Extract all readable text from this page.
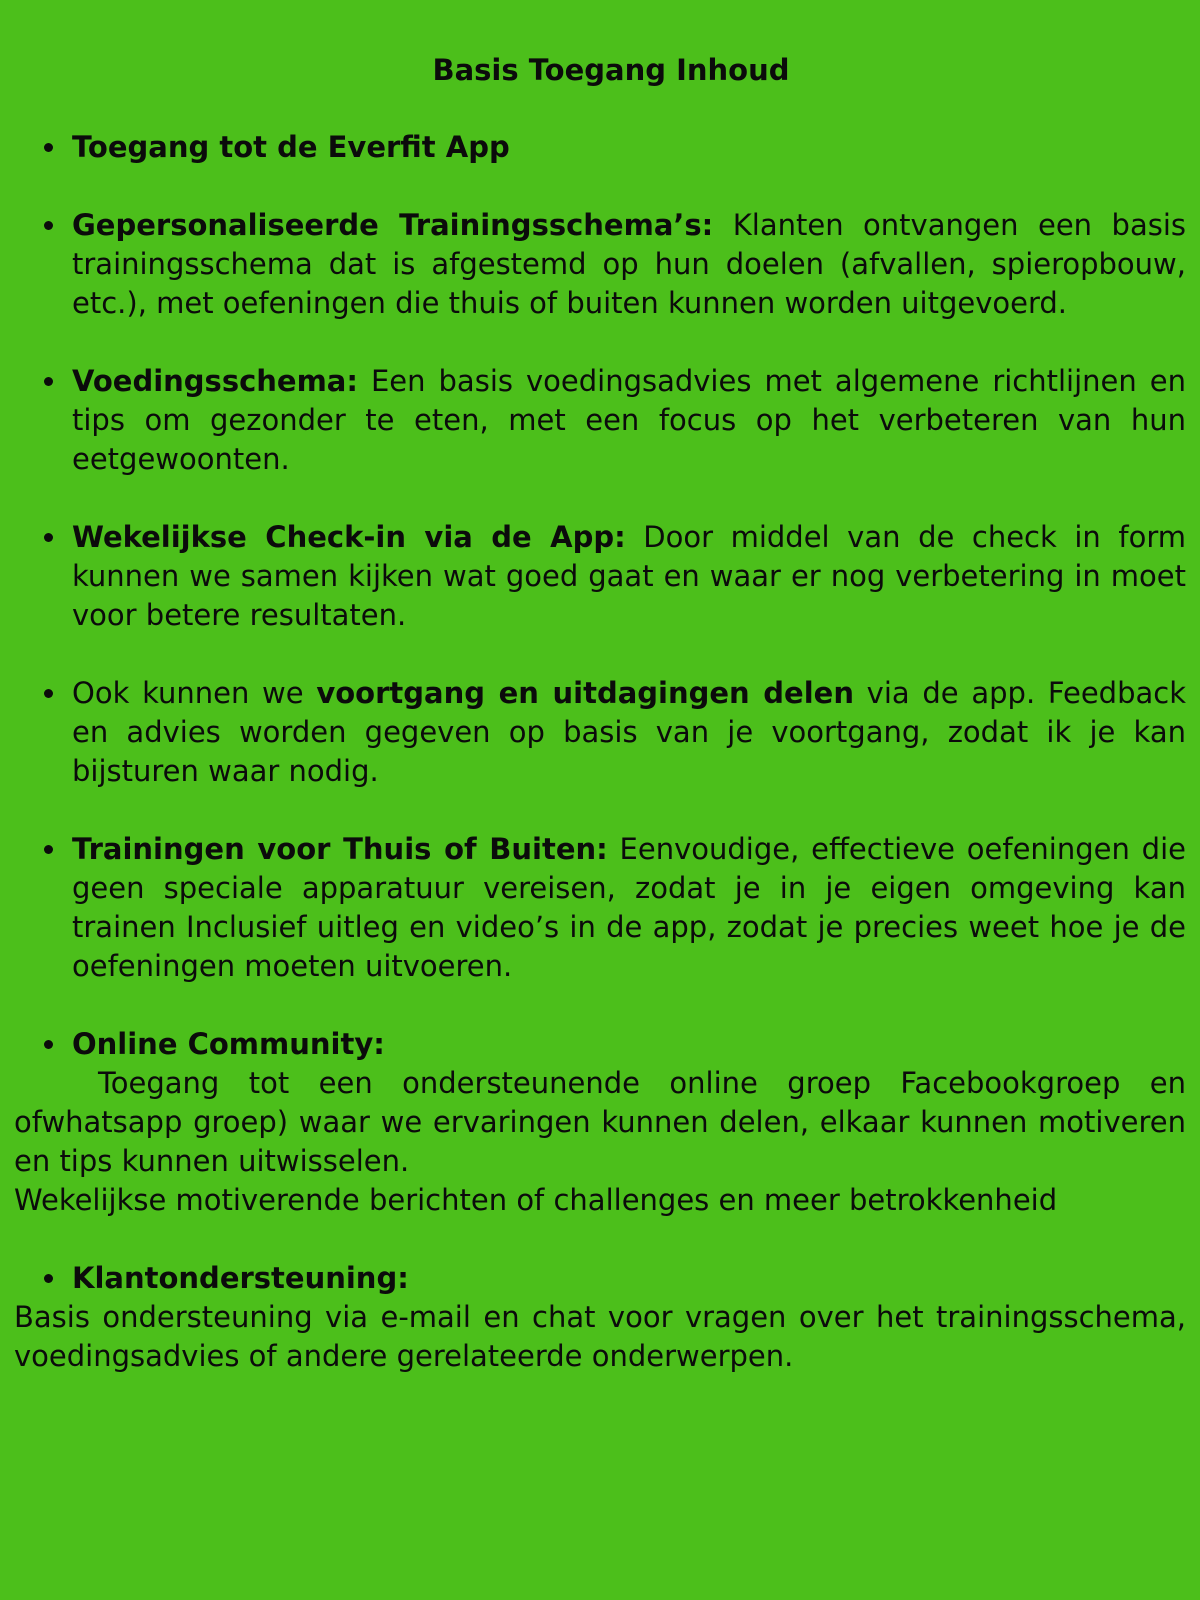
Basis Toegang Inhoud
Toegang tot de Everfit App
Gepersonaliseerde Trainingsschema’s: Klanten ontvangen een basis trainingsschema dat is afgestemd op hun doelen (afvallen, spieropbouw, etc.), met oefeningen die thuis of buiten kunnen worden uitgevoerd.
Voedingsschema: Een basis voedingsadvies met algemene richtlijnen en tips om gezonder te eten, met een focus op het verbeteren van hun eetgewoonten.
Wekelijkse Check-in via de App: Door middel van de check in form kunnen we samen kijken wat goed gaat en waar er nog verbetering in moet voor betere resultaten.
Ook kunnen we voortgang en uitdagingen delen via de app. Feedback en advies worden gegeven op basis van je voortgang, zodat ik je kan bijsturen waar nodig.
Trainingen voor Thuis of Buiten: Eenvoudige, effectieve oefeningen die geen speciale apparatuur vereisen, zodat je in je eigen omgeving kan trainen Inclusief uitleg en video’s in de app, zodat je precies weet hoe je de oefeningen moeten uitvoeren.
Online Community:

Toegang tot een ondersteunende online groep Facebookgroep en ofwhatsapp groep) waar we ervaringen kunnen delen, elkaar kunnen motiveren en tips kunnen uitwisselen.

Wekelijkse motiverende berichten of challenges en meer betrokkenheid

Klantondersteuning:

Basis ondersteuning via e-mail en chat voor vragen over het trainingsschema, voedingsadvies of andere gerelateerde onderwerpen.
